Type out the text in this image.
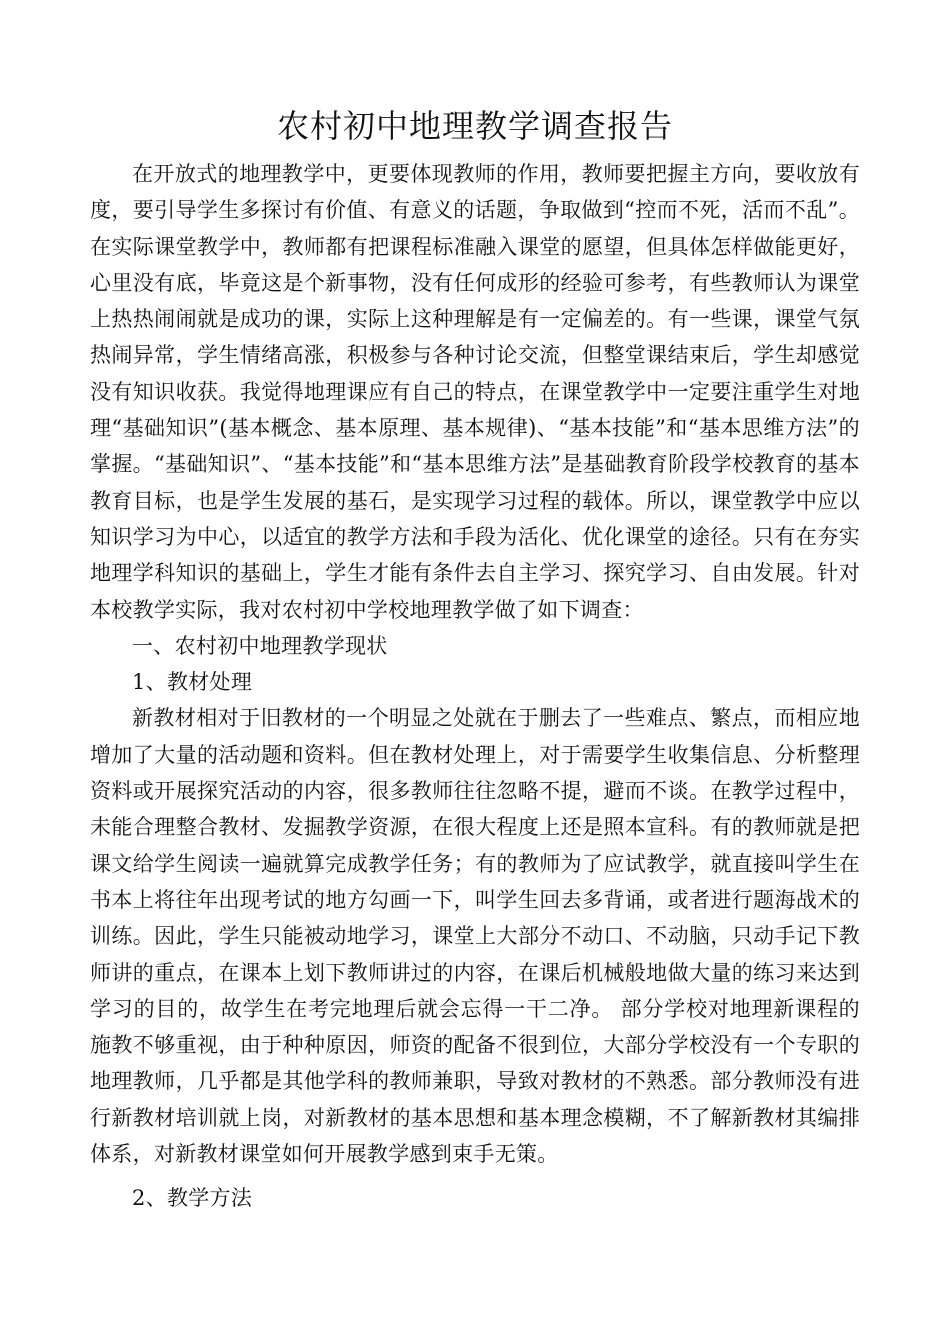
农村初中地理教学调查报告

在开放式的地理教学中，更要体现教师的作用，教师要把握主方向，要收放有度，要引导学生多探讨有价值、有意义的话题，争取做到“控而不死，活而不乱”。在实际课堂教学中，教师都有把课程标准融入课堂的愿望，但具体怎样做能更好，心里没有底，毕竟这是个新事物，没有任何成形的经验可参考，有些教师认为课堂上热热闹闹就是成功的课，实际上这种理解是有一定偏差的。有一些课，课堂气氛热闹异常，学生情绪高涨，积极参与各种讨论交流，但整堂课结束后，学生却感觉没有知识收获。我觉得地理课应有自己的特点，在课堂教学中一定要注重学生对地理“基础知识”(基本概念、基本原理、基本规律)、“基本技能”和“基本思维方法”的掌握。“基础知识”、“基本技能”和“基本思维方法”是基础教育阶段学校教育的基本教育目标，也是学生发展的基石，是实现学习过程的载体。所以，课堂教学中应以知识学习为中心，以适宜的教学方法和手段为活化、优化课堂的途径。只有在夯实地理学科知识的基础上，学生才能有条件去自主学习、探究学习、自由发展。针对本校教学实际，我对农村初中学校地理教学做了如下调查：

一、农村初中地理教学现状

1、教材处理

新教材相对于旧教材的一个明显之处就在于删去了一些难点、繁点，而相应地增加了大量的活动题和资料。但在教材处理上，对于需要学生收集信息、分析整理资料或开展探究活动的内容，很多教师往往忽略不提，避而不谈。在教学过程中，未能合理整合教材、发掘教学资源，在很大程度上还是照本宣科。有的教师就是把课文给学生阅读一遍就算完成教学任务；有的教师为了应试教学，就直接叫学生在书本上将往年出现考试的地方勾画一下，叫学生回去多背诵，或者进行题海战术的训练。因此，学生只能被动地学习，课堂上大部分不动口、不动脑，只动手记下教师讲的重点，在课本上划下教师讲过的内容，在课后机械般地做大量的练习来达到学习的目的，故学生在考完地理后就会忘得一干二净。 部分学校对地理新课程的施教不够重视，由于种种原因，师资的配备不很到位，大部分学校没有一个专职的地理教师，几乎都是其他学科的教师兼职，导致对教材的不熟悉。部分教师没有进行新教材培训就上岗，对新教材的基本思想和基本理念模糊，不了解新教材其编排体系，对新教材课堂如何开展教学感到束手无策。

2、教学方法
